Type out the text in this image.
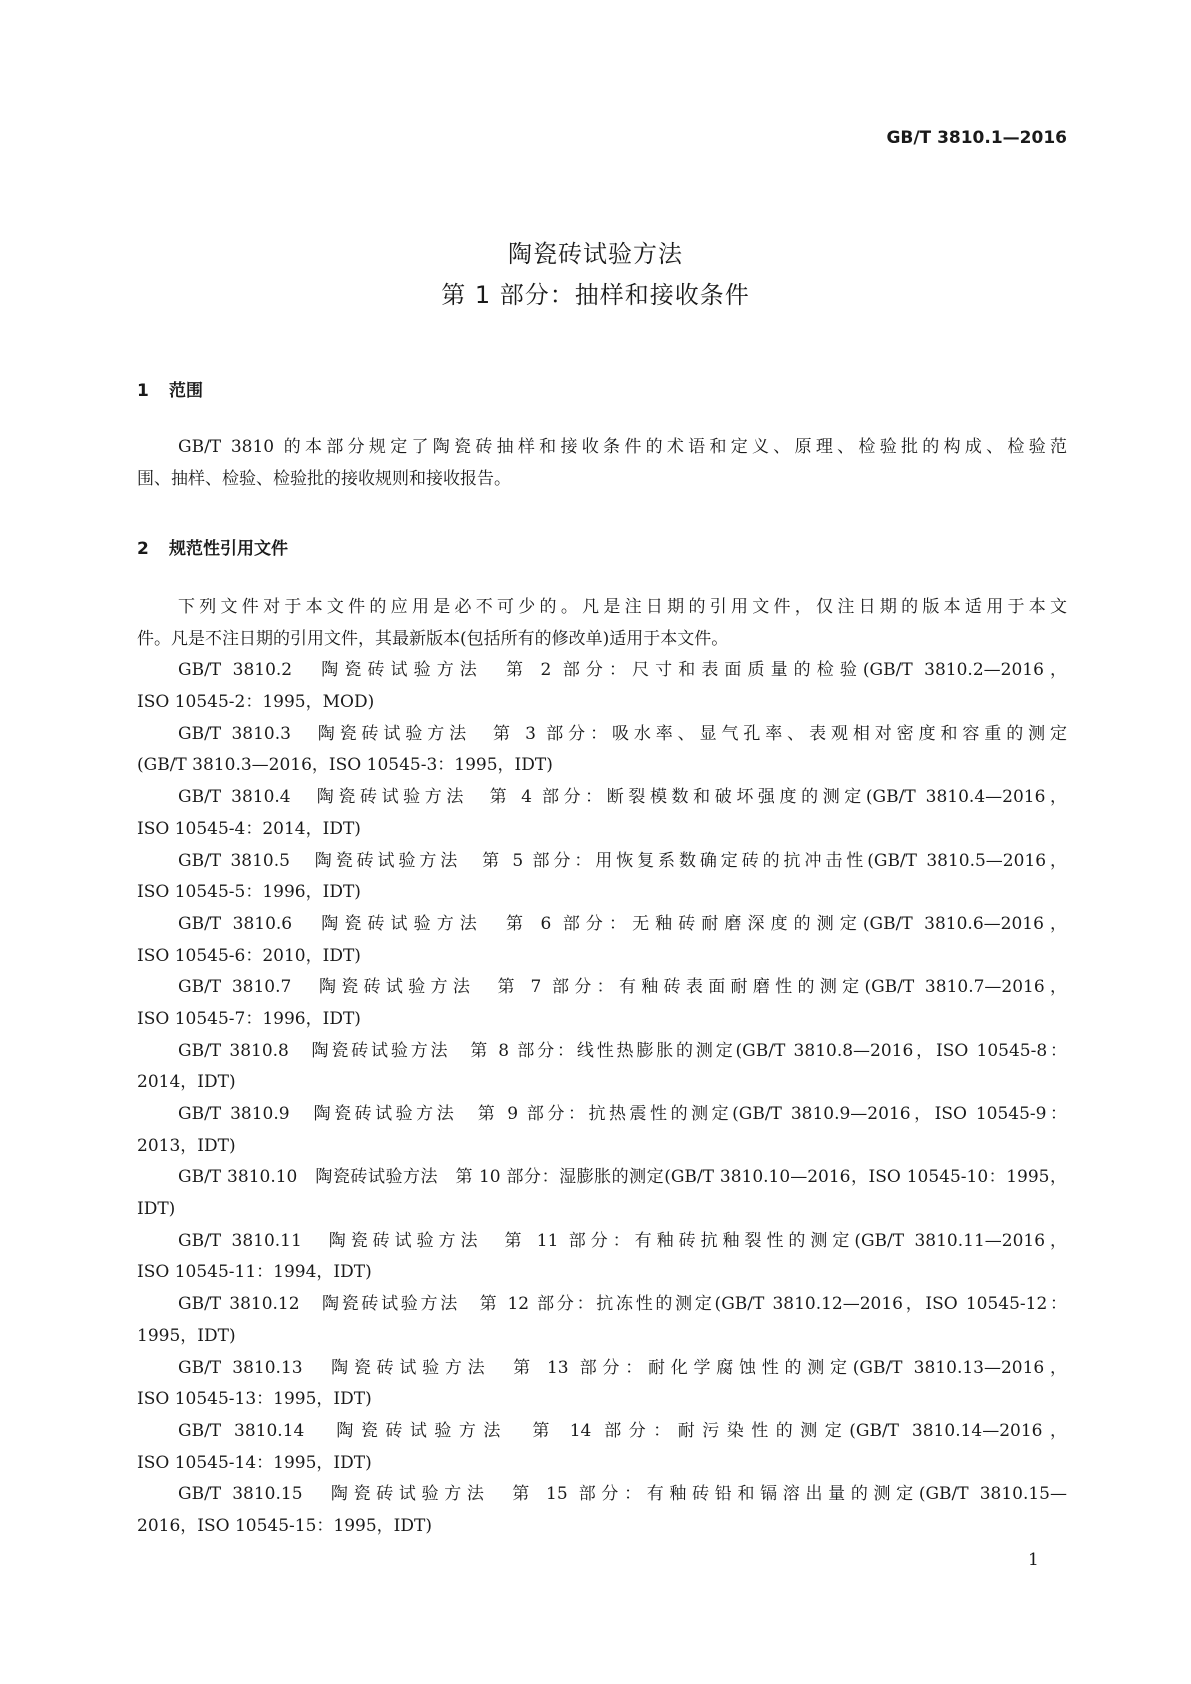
GB/T 3810.1—2016
陶瓷砖试验方法
第 1 部分：抽样和接收条件
1 范围
GB/T 3810 的本部分规定了陶瓷砖抽样和接收条件的术语和定义、原理、检验批的构成、检验范
围、抽样、检验、检验批的接收规则和接收报告。
2 规范性引用文件
下列文件对于本文件的应用是必不可少的。凡是注日期的引用文件，仅注日期的版本适用于本文
件。凡是不注日期的引用文件，其最新版本(包括所有的修改单)适用于本文件。
GB/T 3810.2　陶瓷砖试验方法　第 2 部分：尺寸和表面质量的检验(GB/T 3810.2—2016，
ISO 10545-2：1995，MOD)
GB/T 3810.3　陶瓷砖试验方法　第 3 部分：吸水率、显气孔率、表观相对密度和容重的测定
(GB/T 3810.3—2016，ISO 10545-3：1995，IDT)
GB/T 3810.4　陶瓷砖试验方法　第 4 部分：断裂模数和破坏强度的测定(GB/T 3810.4—2016，
ISO 10545-4：2014，IDT)
GB/T 3810.5　陶瓷砖试验方法　第 5 部分：用恢复系数确定砖的抗冲击性(GB/T 3810.5—2016，
ISO 10545-5：1996，IDT)
GB/T 3810.6　陶瓷砖试验方法　第 6 部分：无釉砖耐磨深度的测定(GB/T 3810.6—2016，
ISO 10545-6：2010，IDT)
GB/T 3810.7　陶瓷砖试验方法　第 7 部分：有釉砖表面耐磨性的测定(GB/T 3810.7—2016，
ISO 10545-7：1996，IDT)
GB/T 3810.8　陶瓷砖试验方法　第 8 部分：线性热膨胀的测定(GB/T 3810.8—2016，ISO 10545-8：
2014，IDT)
GB/T 3810.9　陶瓷砖试验方法　第 9 部分：抗热震性的测定(GB/T 3810.9—2016，ISO 10545-9：
2013，IDT)
GB/T 3810.10　陶瓷砖试验方法　第 10 部分：湿膨胀的测定(GB/T 3810.10—2016，ISO 10545-10：1995，
IDT)
GB/T 3810.11　陶瓷砖试验方法　第 11 部分：有釉砖抗釉裂性的测定(GB/T 3810.11—2016，
ISO 10545-11：1994，IDT)
GB/T 3810.12　陶瓷砖试验方法　第 12 部分：抗冻性的测定(GB/T 3810.12—2016，ISO 10545-12：
1995，IDT)
GB/T 3810.13　陶瓷砖试验方法　第 13 部分：耐化学腐蚀性的测定(GB/T 3810.13—2016，
ISO 10545-13：1995，IDT)
GB/T 3810.14　陶瓷砖试验方法　第 14 部分：耐污染性的测定(GB/T 3810.14—2016，
ISO 10545-14：1995，IDT)
GB/T 3810.15　陶瓷砖试验方法　第 15 部分：有釉砖铅和镉溶出量的测定(GB/T 3810.15—
2016，ISO 10545-15：1995，IDT)
1
